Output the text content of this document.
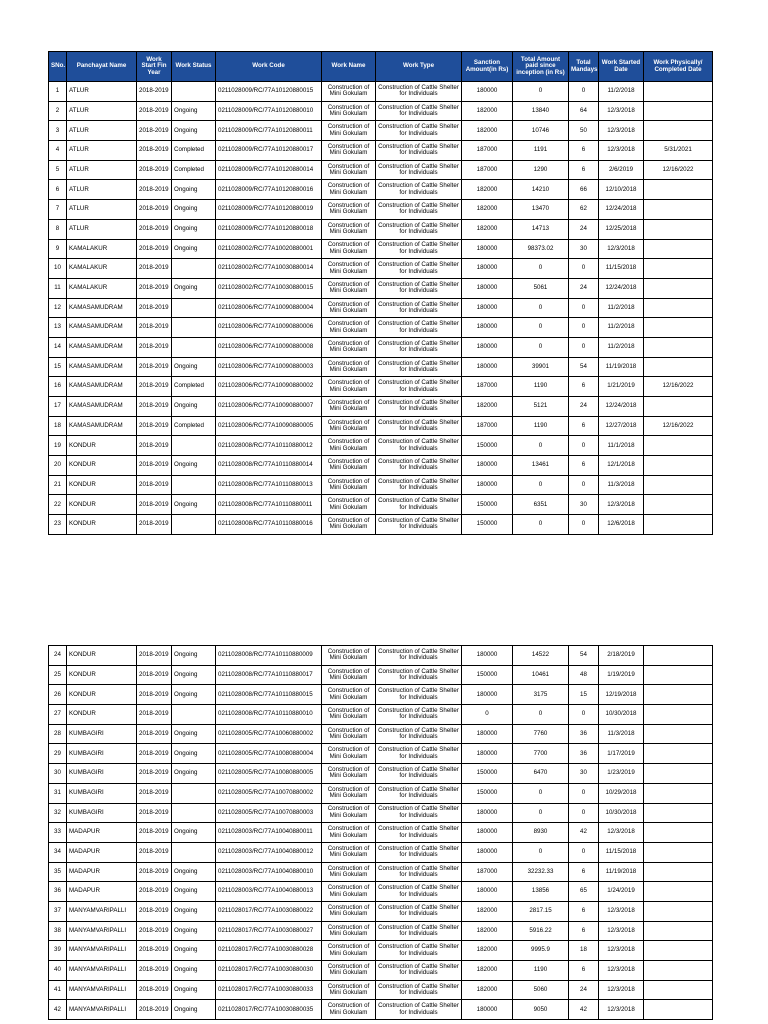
SNo.	Panchayat Name	Work Start Fin Year	Work Status	Work Code	Work Name	Work Type	Sanction Amount(in Rs)	Total Amount paid since inception (in Rs)	Total Mandays	Work Started Date	Work Physically/ Completed Date
1	ATLUR	2018-2019		0211028009/RC/77A10120880015	Construction of Mini Gokulam	Construction of Cattle Shelter for Individuals	180000	0	0	11/2/2018	
2	ATLUR	2018-2019	Ongoing	0211028009/RC/77A10120880010	Construction of Mini Gokulam	Construction of Cattle Shelter for Individuals	182000	13840	64	12/3/2018	
3	ATLUR	2018-2019	Ongoing	0211028009/RC/77A10120880011	Construction of Mini Gokulam	Construction of Cattle Shelter for Individuals	182000	10746	50	12/3/2018	
4	ATLUR	2018-2019	Completed	0211028009/RC/77A10120880017	Construction of Mini Gokulam	Construction of Cattle Shelter for Individuals	187000	1191	6	12/3/2018	5/31/2021
5	ATLUR	2018-2019	Completed	0211028009/RC/77A10120880014	Construction of Mini Gokulam	Construction of Cattle Shelter for Individuals	187000	1290	6	2/6/2019	12/16/2022
6	ATLUR	2018-2019	Ongoing	0211028009/RC/77A10120880016	Construction of Mini Gokulam	Construction of Cattle Shelter for Individuals	182000	14210	66	12/10/2018	
7	ATLUR	2018-2019	Ongoing	0211028009/RC/77A10120880019	Construction of Mini Gokulam	Construction of Cattle Shelter for Individuals	182000	13470	62	12/24/2018	
8	ATLUR	2018-2019	Ongoing	0211028009/RC/77A10120880018	Construction of Mini Gokulam	Construction of Cattle Shelter for Individuals	182000	14713	24	12/25/2018	
9	KAMALAKUR	2018-2019	Ongoing	0211028002/RC/77A10020880001	Construction of Mini Gokulam	Construction of Cattle Shelter for Individuals	180000	98373.02	30	12/3/2018	
10	KAMALAKUR	2018-2019		0211028002/RC/77A10030880014	Construction of Mini Gokulam	Construction of Cattle Shelter for Individuals	180000	0	0	11/15/2018	
11	KAMALAKUR	2018-2019	Ongoing	0211028002/RC/77A10030880015	Construction of Mini Gokulam	Construction of Cattle Shelter for Individuals	180000	5061	24	12/24/2018	
12	KAMASAMUDRAM	2018-2019		0211028006/RC/77A10090880004	Construction of Mini Gokulam	Construction of Cattle Shelter for Individuals	180000	0	0	11/2/2018	
13	KAMASAMUDRAM	2018-2019		0211028006/RC/77A10090880006	Construction of Mini Gokulam	Construction of Cattle Shelter for Individuals	180000	0	0	11/2/2018	
14	KAMASAMUDRAM	2018-2019		0211028006/RC/77A10090880008	Construction of Mini Gokulam	Construction of Cattle Shelter for Individuals	180000	0	0	11/2/2018	
15	KAMASAMUDRAM	2018-2019	Ongoing	0211028006/RC/77A10090880003	Construction of Mini Gokulam	Construction of Cattle Shelter for Individuals	180000	39901	54	11/19/2018	
16	KAMASAMUDRAM	2018-2019	Completed	0211028006/RC/77A10090880002	Construction of Mini Gokulam	Construction of Cattle Shelter for Individuals	187000	1190	6	1/21/2019	12/16/2022
17	KAMASAMUDRAM	2018-2019	Ongoing	0211028006/RC/77A10090880007	Construction of Mini Gokulam	Construction of Cattle Shelter for Individuals	182000	5121	24	12/24/2018	
18	KAMASAMUDRAM	2018-2019	Completed	0211028006/RC/77A10090880005	Construction of Mini Gokulam	Construction of Cattle Shelter for Individuals	187000	1190	6	12/27/2018	12/16/2022
19	KONDUR	2018-2019		0211028008/RC/77A10110880012	Construction of Mini Gokulam	Construction of Cattle Shelter for Individuals	150000	0	0	11/1/2018	
20	KONDUR	2018-2019	Ongoing	0211028008/RC/77A10110880014	Construction of Mini Gokulam	Construction of Cattle Shelter for Individuals	180000	13461	6	12/1/2018	
21	KONDUR	2018-2019		0211028008/RC/77A10110880013	Construction of Mini Gokulam	Construction of Cattle Shelter for Individuals	180000	0	0	11/3/2018	
22	KONDUR	2018-2019	Ongoing	0211028008/RC/77A10110880011	Construction of Mini Gokulam	Construction of Cattle Shelter for Individuals	150000	6351	30	12/3/2018	
23	KONDUR	2018-2019		0211028008/RC/77A10110880016	Construction of Mini Gokulam	Construction of Cattle Shelter for Individuals	150000	0	0	12/6/2018	
24	KONDUR	2018-2019	Ongoing	0211028008/RC/77A10110880009	Construction of Mini Gokulam	Construction of Cattle Shelter for Individuals	180000	14522	54	2/18/2019	
25	KONDUR	2018-2019	Ongoing	0211028008/RC/77A10110880017	Construction of Mini Gokulam	Construction of Cattle Shelter for Individuals	150000	10461	48	1/19/2019	
26	KONDUR	2018-2019	Ongoing	0211028008/RC/77A10110880015	Construction of Mini Gokulam	Construction of Cattle Shelter for Individuals	180000	3175	15	12/19/2018	
27	KONDUR	2018-2019		0211028008/RC/77A10110880010	Construction of Mini Gokulam	Construction of Cattle Shelter for Individuals	0	0	0	10/30/2018	
28	KUMBAGIRI	2018-2019	Ongoing	0211028005/RC/77A10060880002	Construction of Mini Gokulam	Construction of Cattle Shelter for Individuals	180000	7760	36	11/3/2018	
29	KUMBAGIRI	2018-2019	Ongoing	0211028005/RC/77A10080880004	Construction of Mini Gokulam	Construction of Cattle Shelter for Individuals	180000	7700	36	1/17/2019	
30	KUMBAGIRI	2018-2019	Ongoing	0211028005/RC/77A10080880005	Construction of Mini Gokulam	Construction of Cattle Shelter for Individuals	150000	6470	30	1/23/2019	
31	KUMBAGIRI	2018-2019		0211028005/RC/77A10070880002	Construction of Mini Gokulam	Construction of Cattle Shelter for Individuals	150000	0	0	10/29/2018	
32	KUMBAGIRI	2018-2019		0211028005/RC/77A10070880003	Construction of Mini Gokulam	Construction of Cattle Shelter for Individuals	180000	0	0	10/30/2018	
33	MADAPUR	2018-2019	Ongoing	0211028003/RC/77A10040880011	Construction of Mini Gokulam	Construction of Cattle Shelter for Individuals	180000	8930	42	12/3/2018	
34	MADAPUR	2018-2019		0211028003/RC/77A10040880012	Construction of Mini Gokulam	Construction of Cattle Shelter for Individuals	180000	0	0	11/15/2018	
35	MADAPUR	2018-2019	Ongoing	0211028003/RC/77A10040880010	Construction of Mini Gokulam	Construction of Cattle Shelter for Individuals	187000	32232.33	6	11/19/2018	
36	MADAPUR	2018-2019	Ongoing	0211028003/RC/77A10040880013	Construction of Mini Gokulam	Construction of Cattle Shelter for Individuals	180000	13856	65	1/24/2019	
37	MANYAMVARIPALLI	2018-2019	Ongoing	0211028017/RC/77A10030880022	Construction of Mini Gokulam	Construction of Cattle Shelter for Individuals	182000	2817.15	6	12/3/2018	
38	MANYAMVARIPALLI	2018-2019	Ongoing	0211028017/RC/77A10030880027	Construction of Mini Gokulam	Construction of Cattle Shelter for Individuals	182000	5916.22	6	12/3/2018	
39	MANYAMVARIPALLI	2018-2019	Ongoing	0211028017/RC/77A10030880028	Construction of Mini Gokulam	Construction of Cattle Shelter for Individuals	182000	9995.9	18	12/3/2018	
40	MANYAMVARIPALLI	2018-2019	Ongoing	0211028017/RC/77A10030880030	Construction of Mini Gokulam	Construction of Cattle Shelter for Individuals	182000	1190	6	12/3/2018	
41	MANYAMVARIPALLI	2018-2019	Ongoing	0211028017/RC/77A10030880033	Construction of Mini Gokulam	Construction of Cattle Shelter for Individuals	182000	5060	24	12/3/2018	
42	MANYAMVARIPALLI	2018-2019	Ongoing	0211028017/RC/77A10030880035	Construction of Mini Gokulam	Construction of Cattle Shelter for Individuals	180000	9050	42	12/3/2018	
